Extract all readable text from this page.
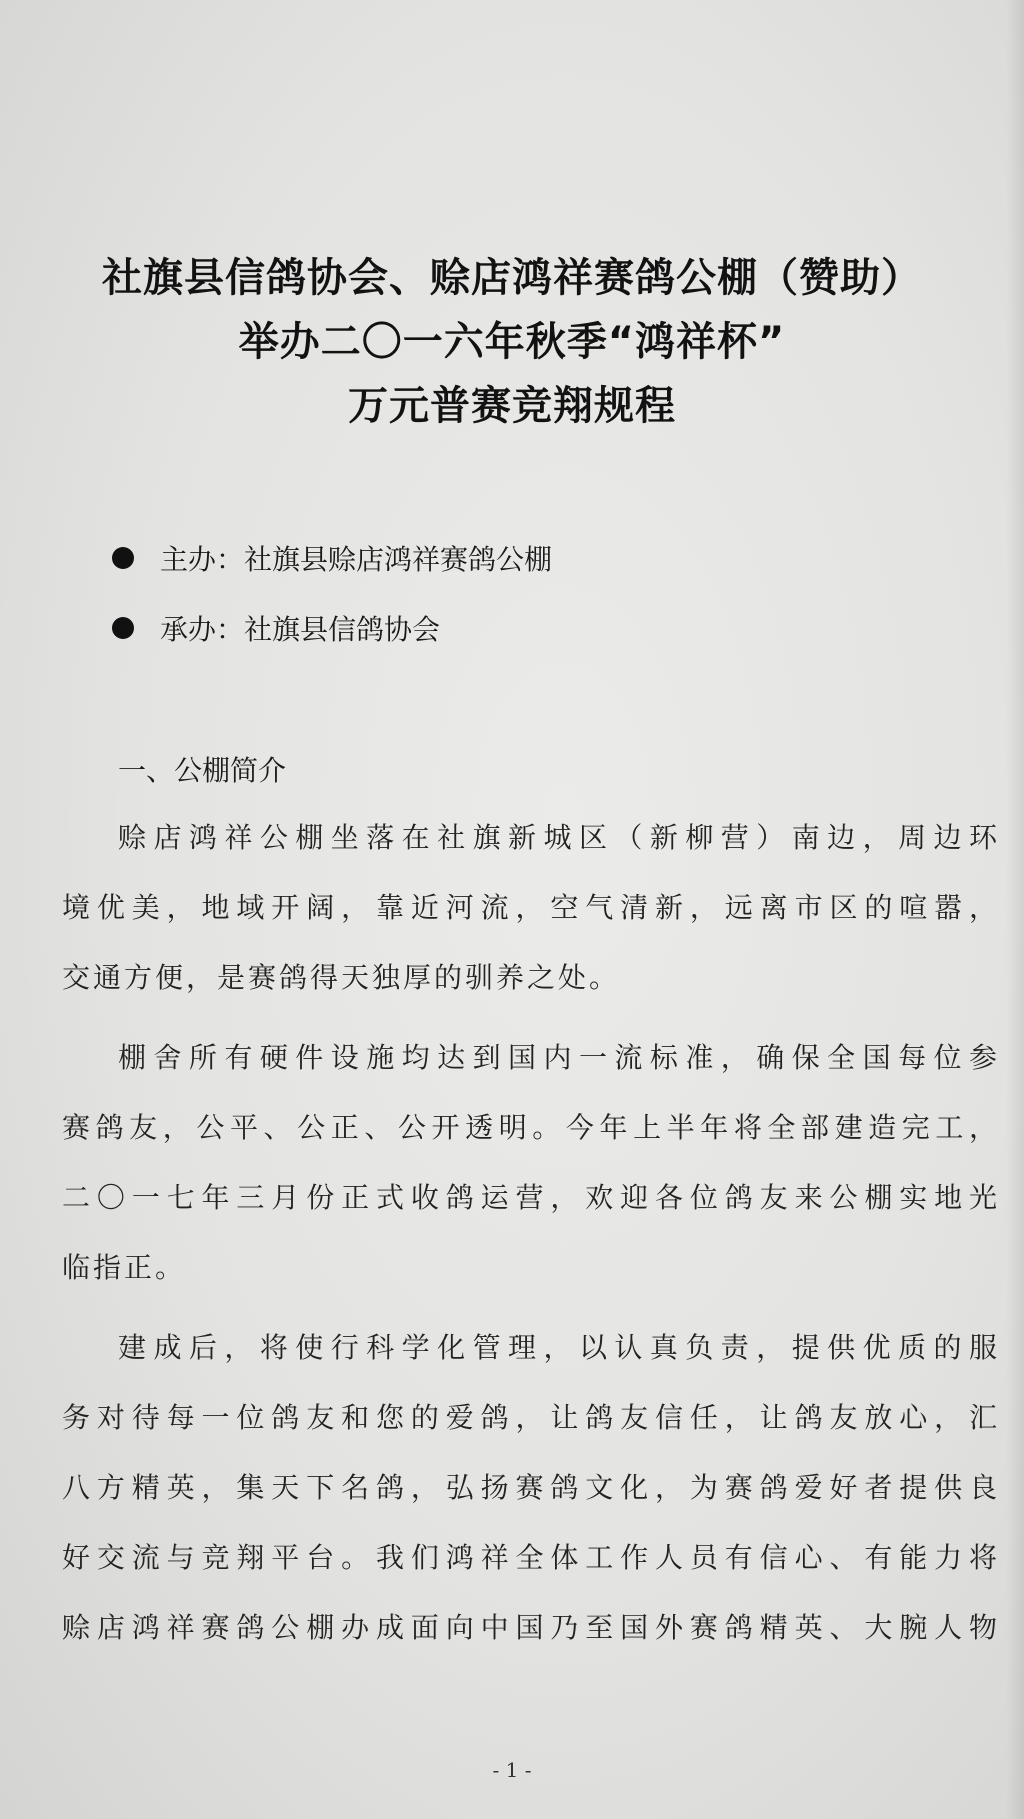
社旗县信鸽协会、赊店鸿祥赛鸽公棚（赞助）
举办二〇一六年秋季“鸿祥杯”
万元普赛竞翔规程
主办：社旗县赊店鸿祥赛鸽公棚
承办：社旗县信鸽协会
一、公棚简介
赊店鸿祥公棚坐落在社旗新城区（新柳营）南边，周边环
境优美，地域开阔，靠近河流，空气清新，远离市区的喧嚣，
交通方便，是赛鸽得天独厚的驯养之处。
棚舍所有硬件设施均达到国内一流标准，确保全国每位参
赛鸽友，公平、公正、公开透明。今年上半年将全部建造完工，
二〇一七年三月份正式收鸽运营，欢迎各位鸽友来公棚实地光
临指正。
建成后，将使行科学化管理，以认真负责，提供优质的服
务对待每一位鸽友和您的爱鸽，让鸽友信任，让鸽友放心，汇
八方精英，集天下名鸽，弘扬赛鸽文化，为赛鸽爱好者提供良
好交流与竞翔平台。我们鸿祥全体工作人员有信心、有能力将
赊店鸿祥赛鸽公棚办成面向中国乃至国外赛鸽精英、大腕人物
- 1 -
